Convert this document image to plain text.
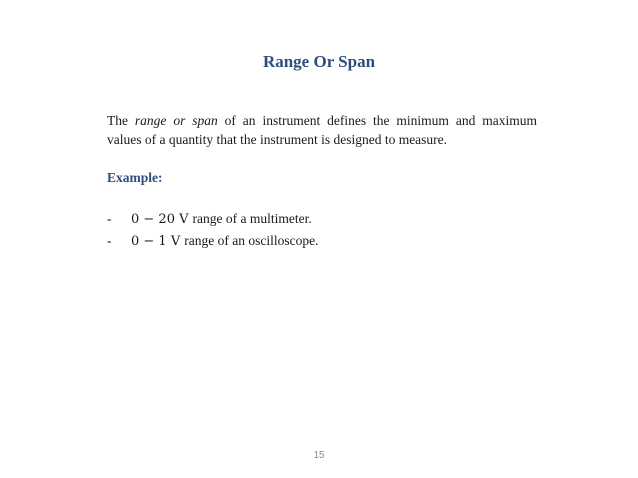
Range Or Span

The range or span of an instrument defines the minimum and maximum
values of a quantity that the instrument is designed to measure.

Example:

- 0 − 20 V range of a multimeter.
- 0 − 1 V range of an oscilloscope.
15
